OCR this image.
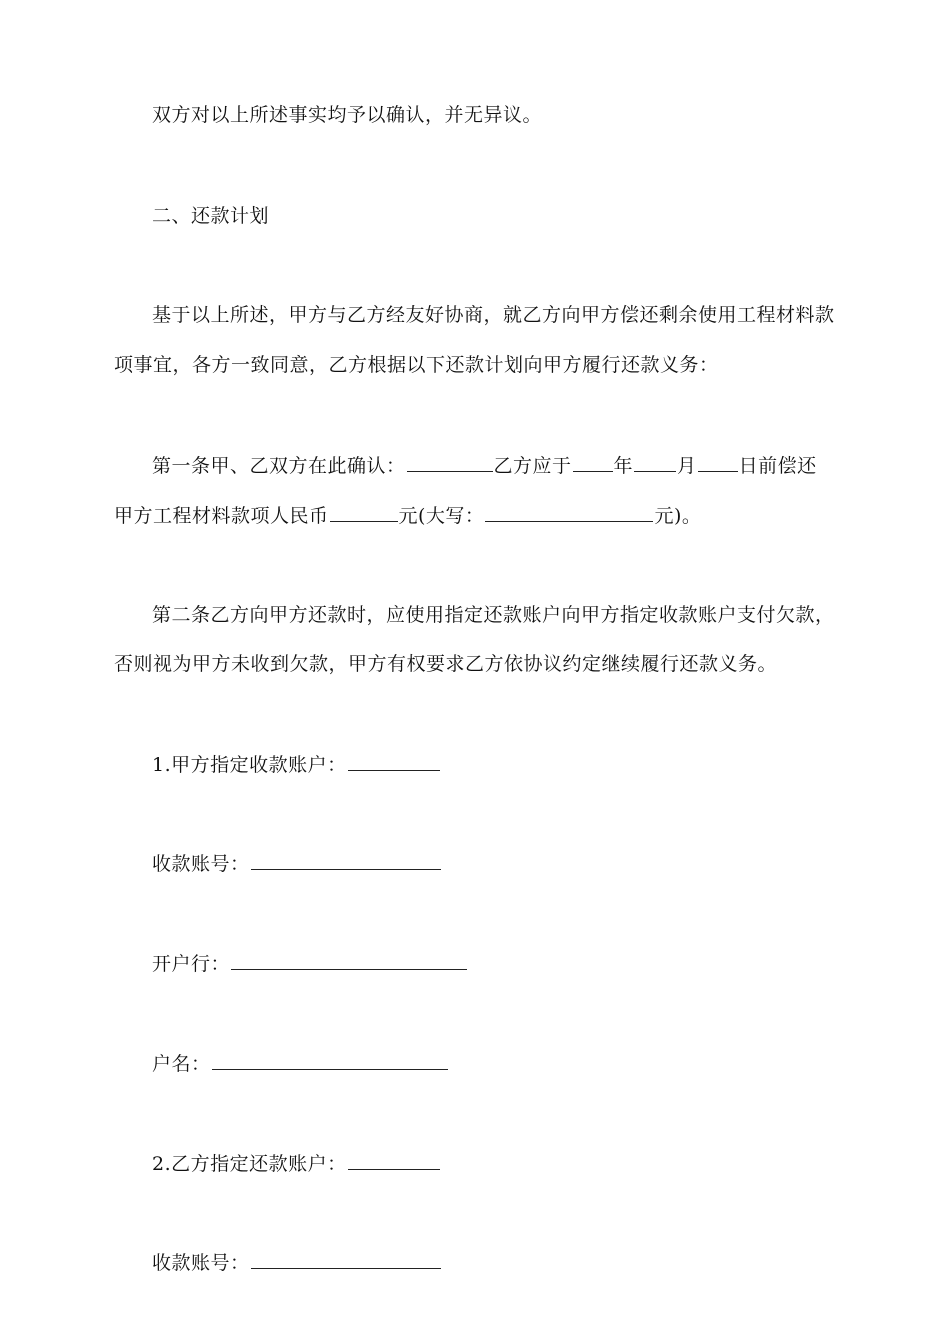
双方对以上所述事实均予以确认，并无异议。
二、还款计划
基于以上所述，甲方与乙方经友好协商，就乙方向甲方偿还剩余使用工程材料款
项事宜，各方一致同意，乙方根据以下还款计划向甲方履行还款义务：
第一条甲、乙双方在此确认：	乙方应于 年 月 日前偿还
甲方工程材料款项人民币	元(大写：	元)。
第二条乙方向甲方还款时，应使用指定还款账户向甲方指定收款账户支付欠款，
否则视为甲方未收到欠款，甲方有权要求乙方依协议约定继续履行还款义务。
1.甲方指定收款账户：
收款账号：
开户行：
户名：
2.乙方指定还款账户：
收款账号：
